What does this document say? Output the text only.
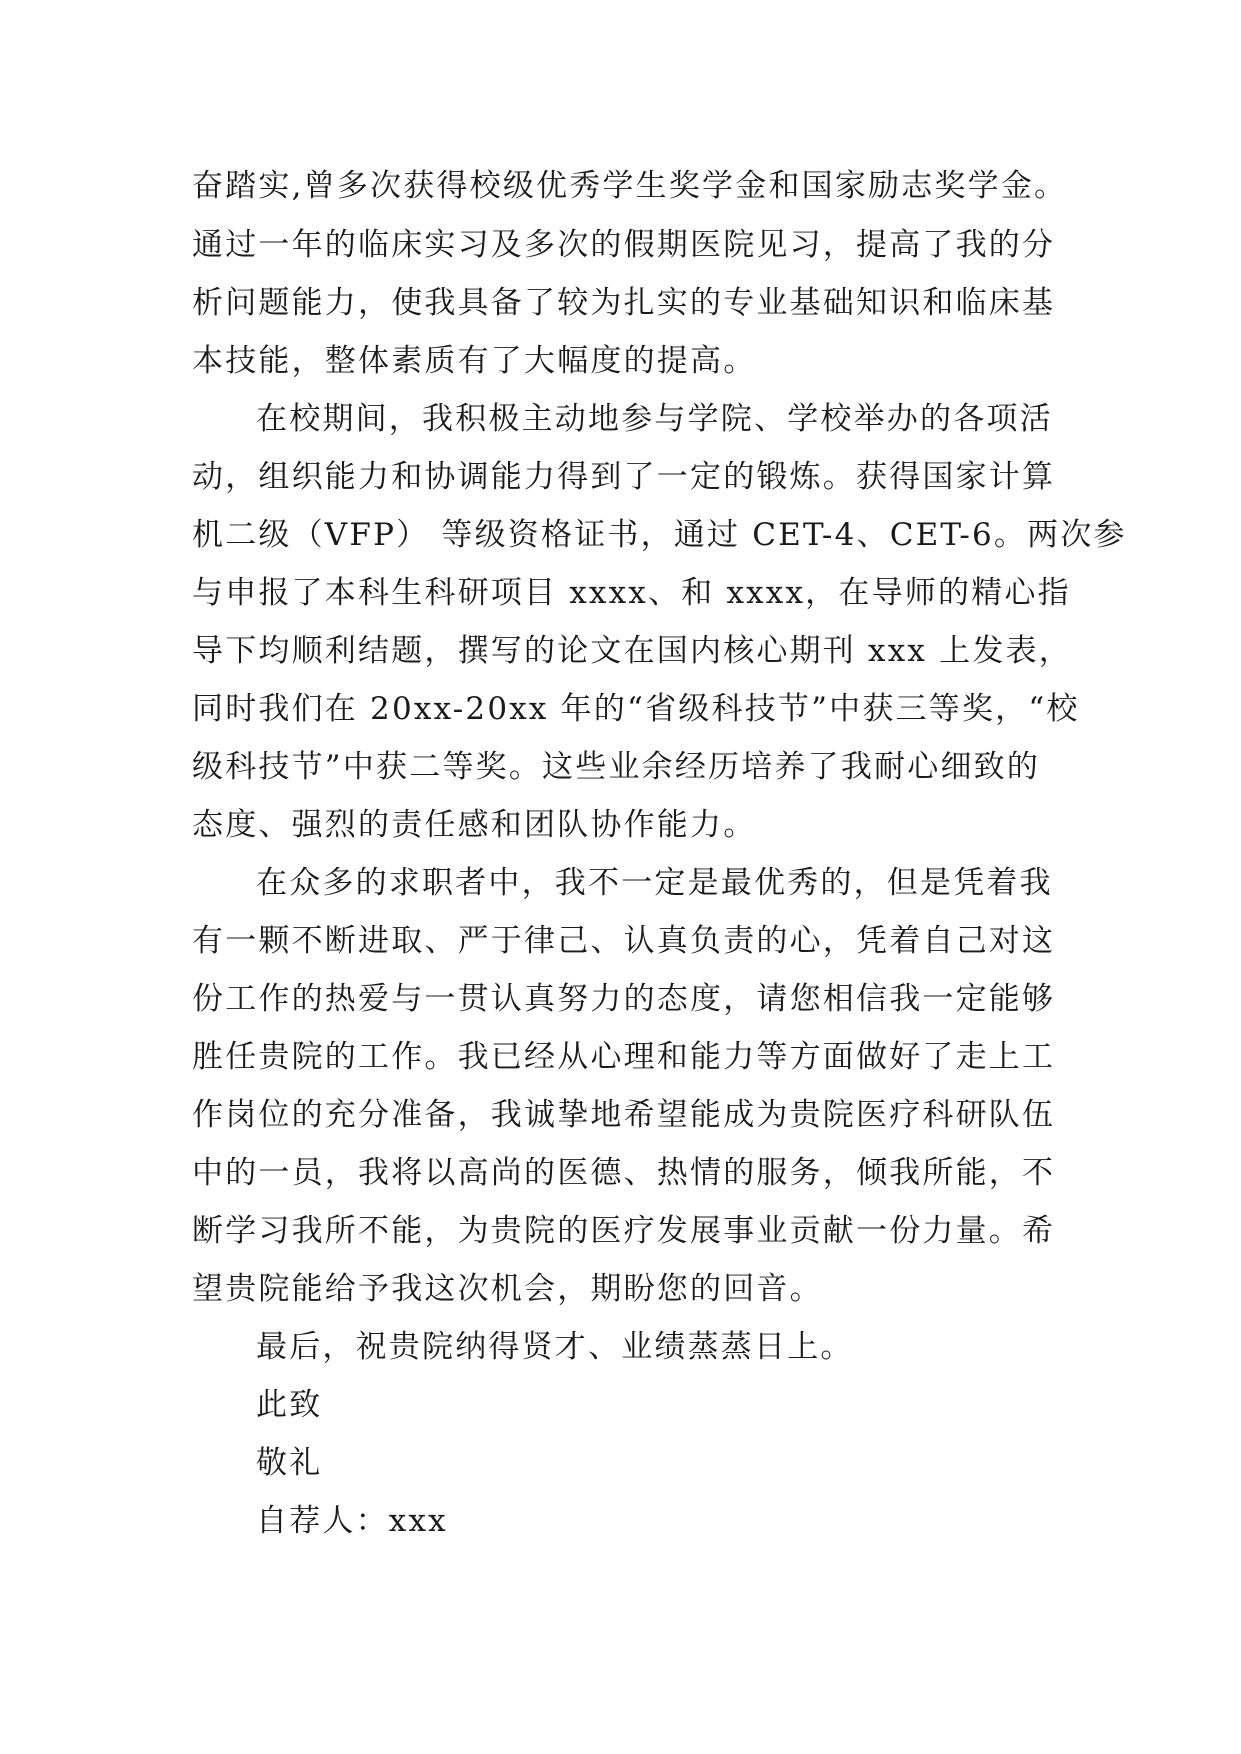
奋踏实,曾多次获得校级优秀学生奖学金和国家励志奖学金。
通过一年的临床实习及多次的假期医院见习，提高了我的分
析问题能力，使我具备了较为扎实的专业基础知识和临床基
本技能，整体素质有了大幅度的提高。
在校期间，我积极主动地参与学院、学校举办的各项活
动，组织能力和协调能力得到了一定的锻炼。获得国家计算
机二级（VFP） 等级资格证书，通过 CET-4、CET-6。两次参
与申报了本科生科研项目 xxxx、和 xxxx，在导师的精心指
导下均顺利结题，撰写的论文在国内核心期刊 xxx 上发表，
同时我们在 20xx-20xx 年的“省级科技节”中获三等奖，“校
级科技节”中获二等奖。这些业余经历培养了我耐心细致的
态度、强烈的责任感和团队协作能力。
在众多的求职者中，我不一定是最优秀的，但是凭着我
有一颗不断进取、严于律己、认真负责的心，凭着自己对这
份工作的热爱与一贯认真努力的态度，请您相信我一定能够
胜任贵院的工作。我已经从心理和能力等方面做好了走上工
作岗位的充分准备，我诚挚地希望能成为贵院医疗科研队伍
中的一员，我将以高尚的医德、热情的服务，倾我所能，不
断学习我所不能，为贵院的医疗发展事业贡献一份力量。希
望贵院能给予我这次机会，期盼您的回音。
最后，祝贵院纳得贤才、业绩蒸蒸日上。
此致
敬礼
自荐人：xxx
